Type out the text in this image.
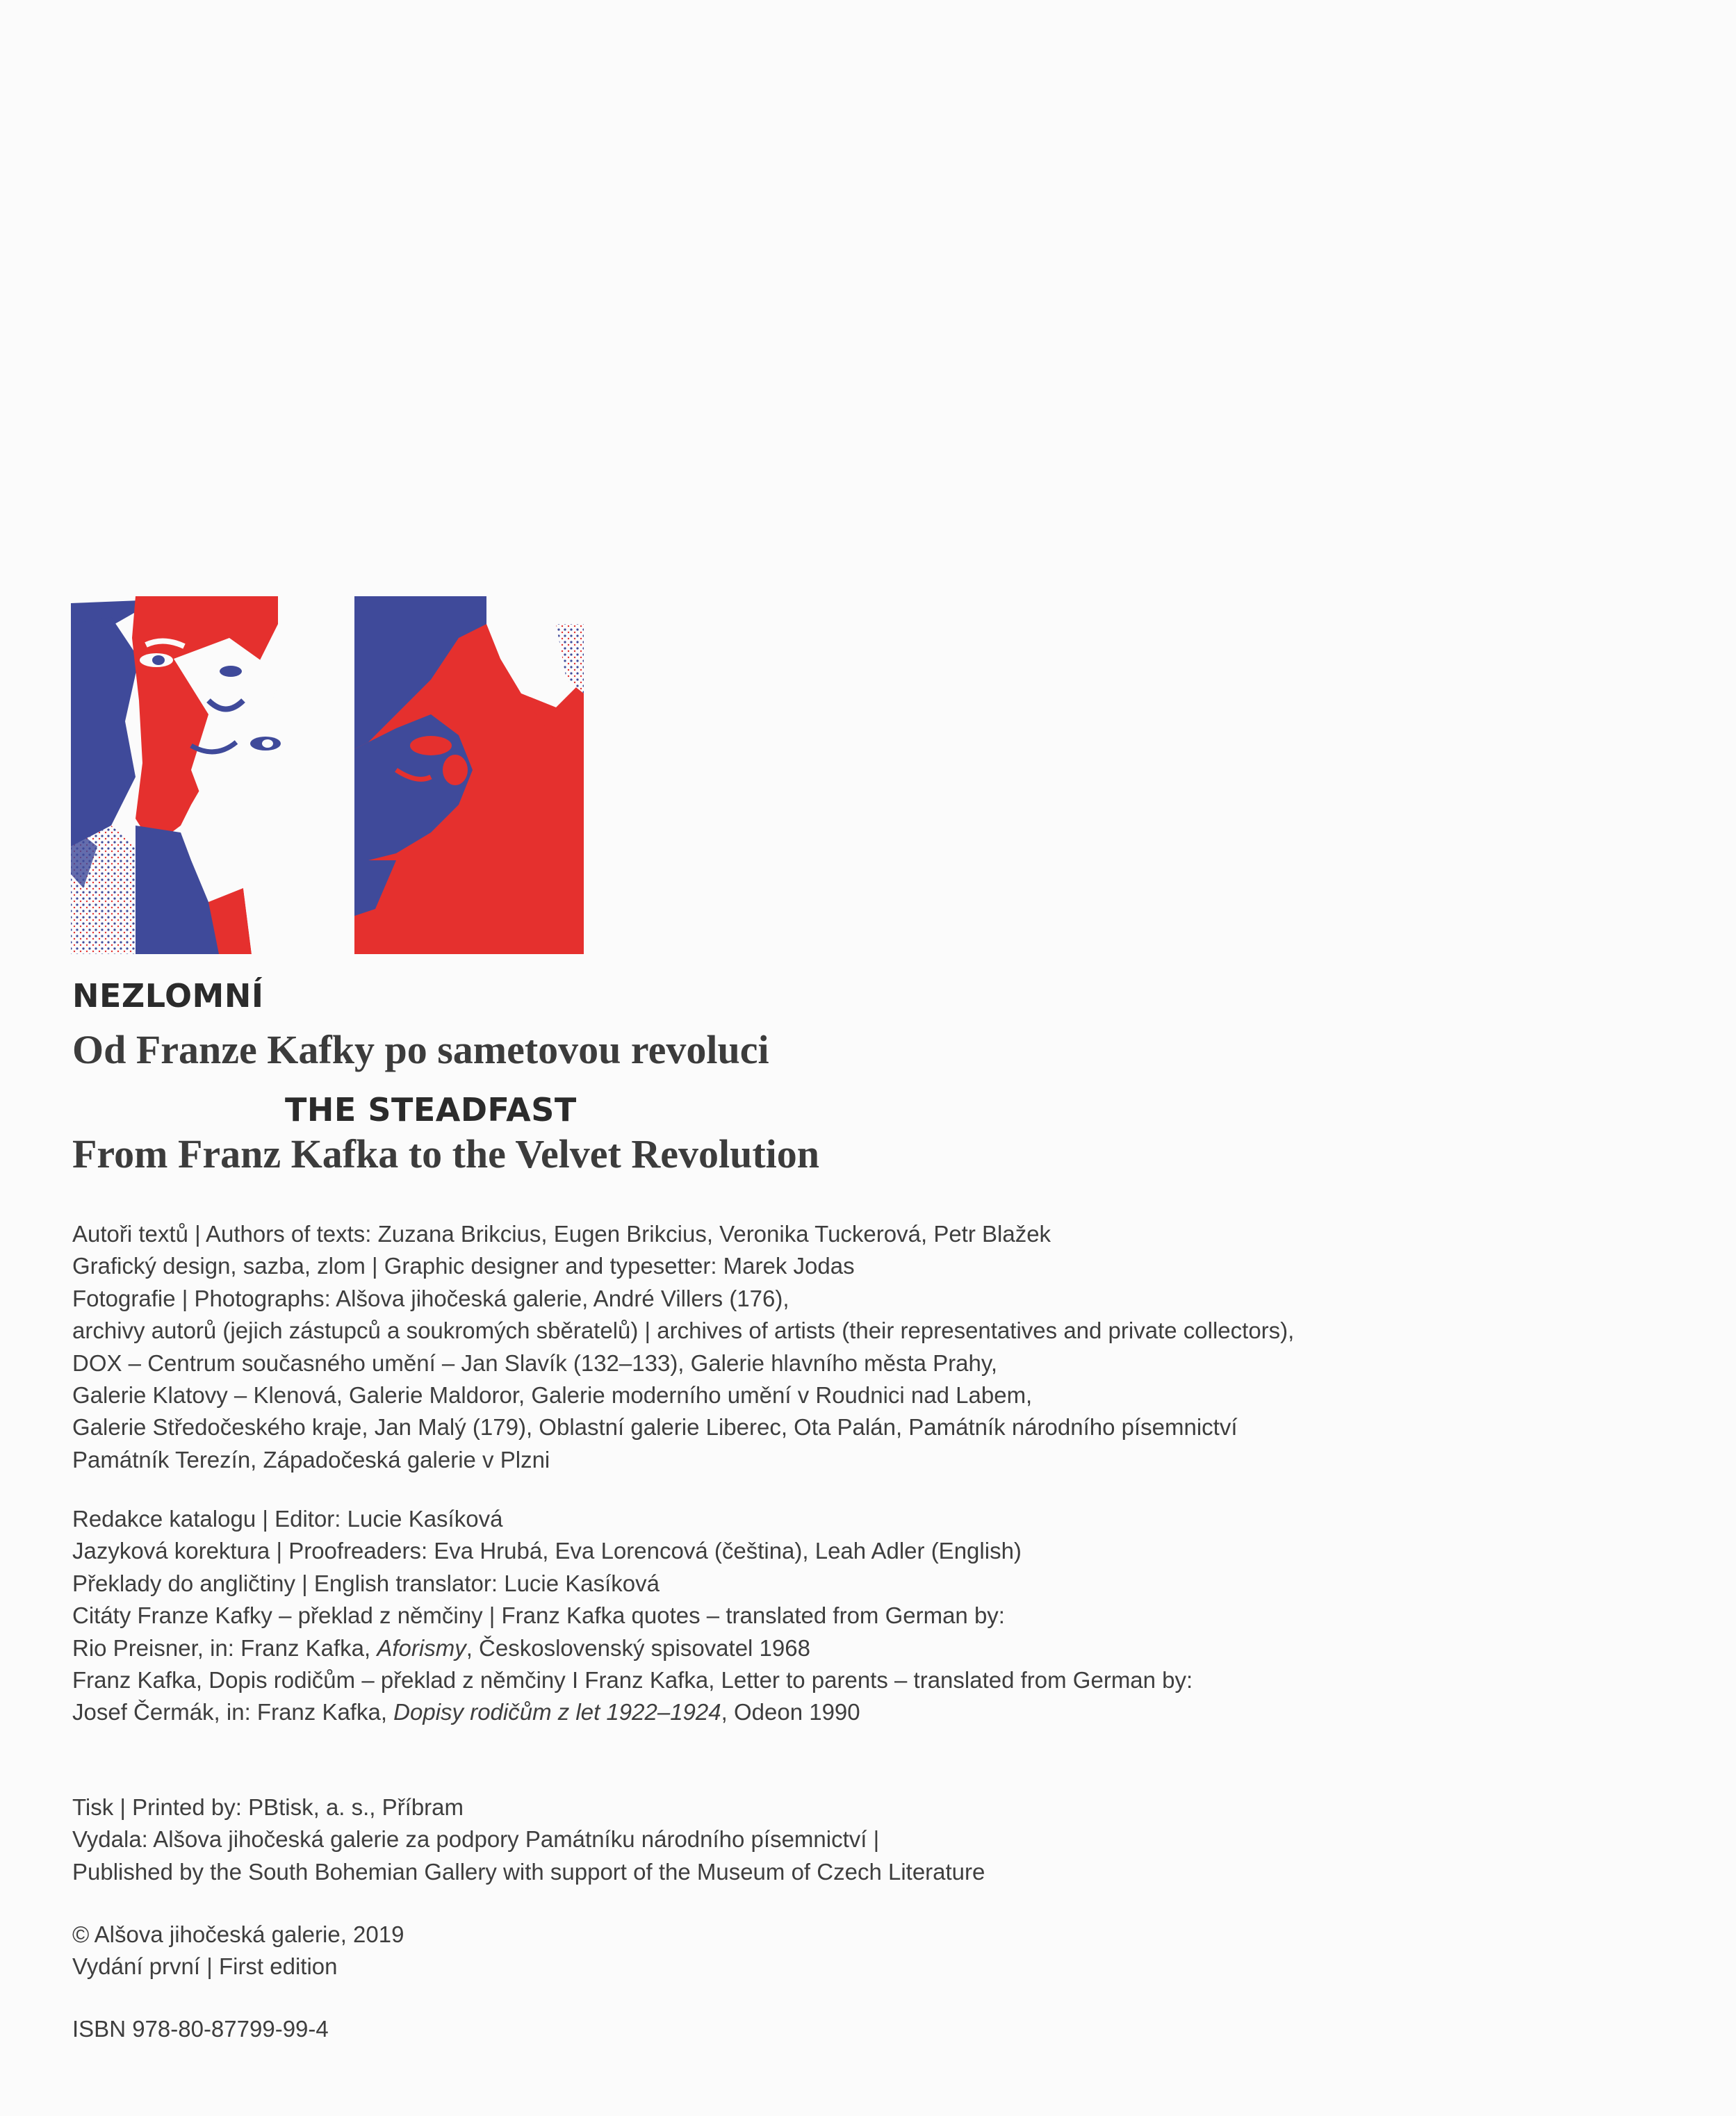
NEZLOMNÍ
Od Franze Kafky po sametovou revoluci
THE STEADFAST
From Franz Kafka to the Velvet Revolution

Autoři textů | Authors of texts: Zuzana Brikcius, Eugen Brikcius, Veronika Tuckerová, Petr Blažek

Grafický design, sazba, zlom | Graphic designer and typesetter: Marek Jodas

Fotografie | Photographs: Alšova jihočeská galerie, André Villers (176),

archivy autorů (jejich zástupců a soukromých sběratelů) | archives of artists (their representatives and private collectors),

DOX – Centrum současného umění – Jan Slavík (132–133), Galerie hlavního města Prahy,

Galerie Klatovy – Klenová, Galerie Maldoror, Galerie moderního umění v Roudnici nad Labem,

Galerie Středočeského kraje, Jan Malý (179), Oblastní galerie Liberec, Ota Palán, Památník národního písemnictví

Památník Terezín, Západočeská galerie v Plzni

Redakce katalogu | Editor: Lucie Kasíková

Jazyková korektura | Proofreaders: Eva Hrubá, Eva Lorencová (čeština), Leah Adler (English)

Překlady do angličtiny | English translator: Lucie Kasíková

Citáty Franze Kafky – překlad z němčiny | Franz Kafka quotes – translated from German by:

Rio Preisner, in: Franz Kafka, Aforismy, Československý spisovatel 1968

Franz Kafka, Dopis rodičům – překlad z němčiny I Franz Kafka, Letter to parents – translated from German by:

Josef Čermák, in: Franz Kafka, Dopisy rodičům z let 1922–1924, Odeon 1990

Tisk | Printed by: PBtisk, a. s., Příbram

Vydala: Alšova jihočeská galerie za podpory Památníku národního písemnictví |

Published by the South Bohemian Gallery with support of the Museum of Czech Literature

© Alšova jihočeská galerie, 2019

Vydání první | First edition

ISBN 978-80-87799-99-4
